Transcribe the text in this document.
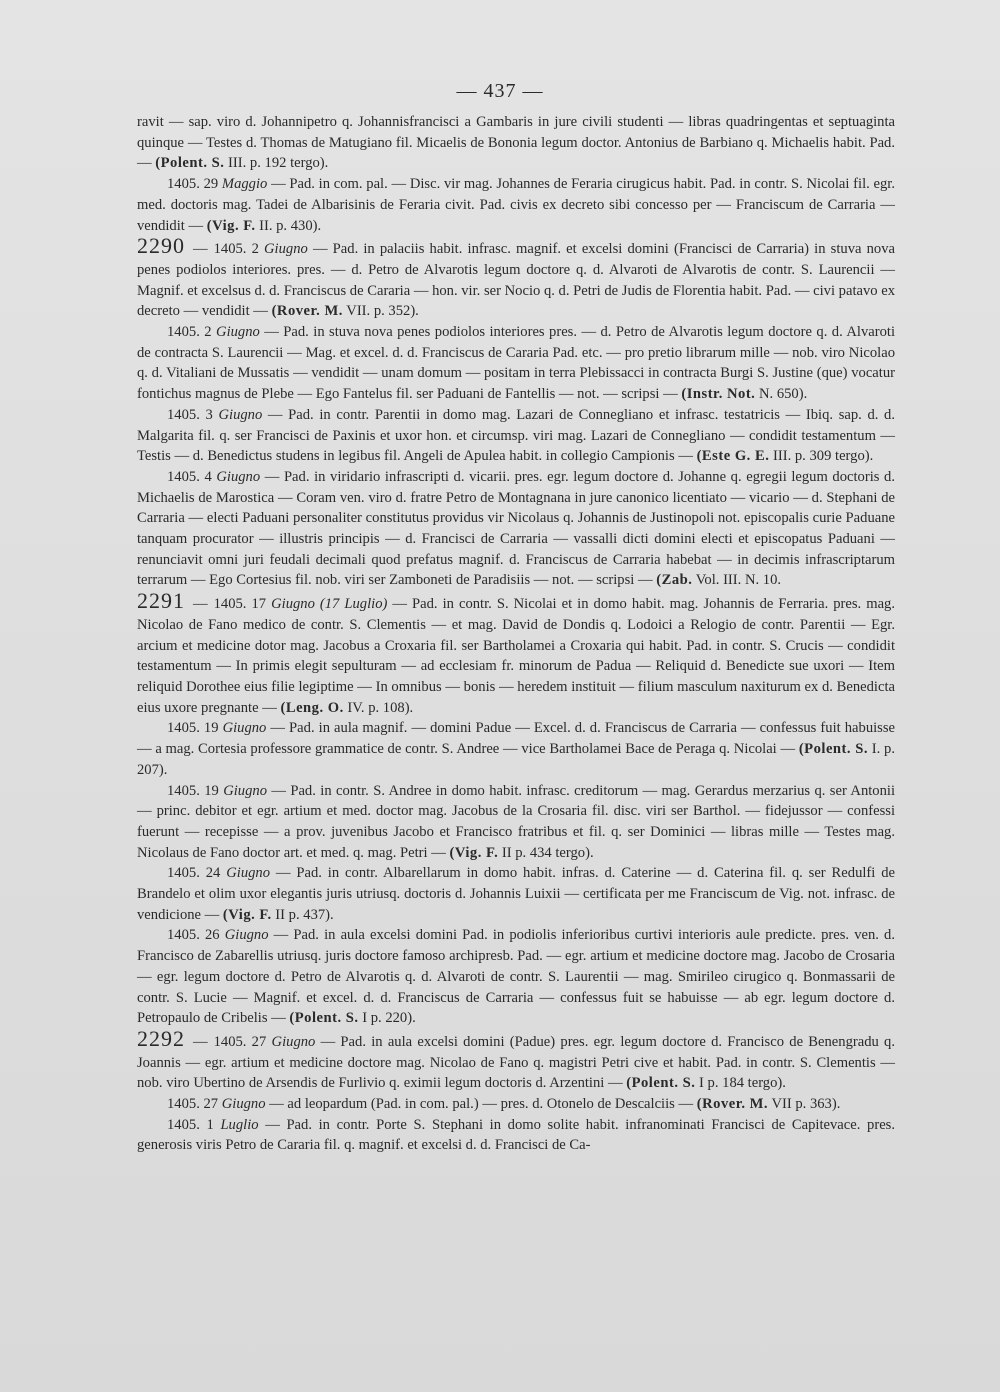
— 437 —

ravit — sap. viro d. Johannipetro q. Johannisfrancisci a Gambaris in jure civili studenti — libras quadringentas et septuaginta quinque — Testes d. Thomas de Matugiano fil. Micaelis de Bononia legum doctor. Antonius de Barbiano q. Michaelis habit. Pad. — (Polent. S. III. p. 192 tergo).

1405. 29 Maggio — Pad. in com. pal. — Disc. vir mag. Johannes de Feraria cirugicus habit. Pad. in contr. S. Nicolai fil. egr. med. doctoris mag. Tadei de Albarisinis de Feraria civit. Pad. civis ex decreto sibi concesso per — Franciscum de Carraria — vendidit — (Vig. F. II. p. 430).

2290 — 1405. 2 Giugno — Pad. in palaciis habit. infrasc. magnif. et excelsi domini (Francisci de Carraria) in stuva nova penes podiolos interiores. pres. — d. Petro de Alvarotis legum doctore q. d. Alvaroti de Alvarotis de contr. S. Laurencii — Magnif. et excelsus d. d. Franciscus de Cararia — hon. vir. ser Nocio q. d. Petri de Judis de Florentia habit. Pad. — civi patavo ex decreto — vendidit — (Rover. M. VII. p. 352).

1405. 2 Giugno — Pad. in stuva nova penes podiolos interiores pres. — d. Petro de Alvarotis legum doctore q. d. Alvaroti de contracta S. Laurencii — Mag. et excel. d. d. Franciscus de Cararia Pad. etc. — pro pretio librarum mille — nob. viro Nicolao q. d. Vitaliani de Mussatis — vendidit — unam domum — positam in terra Plebissacci in contracta Burgi S. Justine (que) vocatur fontichus magnus de Plebe — Ego Fantelus fil. ser Paduani de Fantellis — not. — scripsi — (Instr. Not. N. 650).

1405. 3 Giugno — Pad. in contr. Parentii in domo mag. Lazari de Connegliano et infrasc. testatricis — Ibiq. sap. d. d. Malgarita fil. q. ser Francisci de Paxinis et uxor hon. et circumsp. viri mag. Lazari de Connegliano — condidit testamentum — Testis — d. Benedictus studens in legibus fil. Angeli de Apulea habit. in collegio Campionis — (Este G. E. III. p. 309 tergo).

1405. 4 Giugno — Pad. in viridario infrascripti d. vicarii. pres. egr. legum doctore d. Johanne q. egregii legum doctoris d. Michaelis de Marostica — Coram ven. viro d. fratre Petro de Montagnana in jure canonico licentiato — vicario — d. Stephani de Carraria — electi Paduani personaliter constitutus providus vir Nicolaus q. Johannis de Justinopoli not. episcopalis curie Paduane tanquam procurator — illustris principis — d. Francisci de Carraria — vassalli dicti domini electi et episcopatus Paduani — renunciavit omni juri feudali decimali quod prefatus magnif. d. Franciscus de Carraria habebat — in decimis infrascriptarum terrarum — Ego Cortesius fil. nob. viri ser Zamboneti de Paradisiis — not. — scripsi — (Zab. Vol. III. N. 10.

2291 — 1405. 17 Giugno (17 Luglio) — Pad. in contr. S. Nicolai et in domo habit. mag. Johannis de Ferraria. pres. mag. Nicolao de Fano medico de contr. S. Clementis — et mag. David de Dondis q. Lodoici a Relogio de contr. Parentii — Egr. arcium et medicine dotor mag. Jacobus a Croxaria fil. ser Bartholamei a Croxaria qui habit. Pad. in contr. S. Crucis — condidit testamentum — In primis elegit sepulturam — ad ecclesiam fr. minorum de Padua — Reliquid d. Benedicte sue uxori — Item reliquid Dorothee eius filie legiptime — In omnibus — bonis — heredem instituit — filium masculum naxiturum ex d. Benedicta eius uxore pregnante — (Leng. O. IV. p. 108).

1405. 19 Giugno — Pad. in aula magnif. — domini Padue — Excel. d. d. Franciscus de Carraria — confessus fuit habuisse — a mag. Cortesia professore grammatice de contr. S. Andree — vice Bartholamei Bace de Peraga q. Nicolai — (Polent. S. I. p. 207).

1405. 19 Giugno — Pad. in contr. S. Andree in domo habit. infrasc. creditorum — mag. Gerardus merzarius q. ser Antonii — princ. debitor et egr. artium et med. doctor mag. Jacobus de la Crosaria fil. disc. viri ser Barthol. — fidejussor — confessi fuerunt — recepisse — a prov. juvenibus Jacobo et Francisco fratribus et fil. q. ser Dominici — libras mille — Testes mag. Nicolaus de Fano doctor art. et med. q. mag. Petri — (Vig. F. II p. 434 tergo).

1405. 24 Giugno — Pad. in contr. Albarellarum in domo habit. infras. d. Caterine — d. Caterina fil. q. ser Redulfi de Brandelo et olim uxor elegantis juris utriusq. doctoris d. Johannis Luixii — certificata per me Franciscum de Vig. not. infrasc. de vendicione — (Vig. F. II p. 437).

1405. 26 Giugno — Pad. in aula excelsi domini Pad. in podiolis inferioribus curtivi interioris aule predicte. pres. ven. d. Francisco de Zabarellis utriusq. juris doctore famoso archipresb. Pad. — egr. artium et medicine doctore mag. Jacobo de Crosaria — egr. legum doctore d. Petro de Alvarotis q. d. Alvaroti de contr. S. Laurentii — mag. Smirileo cirugico q. Bonmassarii de contr. S. Lucie — Magnif. et excel. d. d. Franciscus de Carraria — confessus fuit se habuisse — ab egr. legum doctore d. Petropaulo de Cribelis — (Polent. S. I p. 220).

2292 — 1405. 27 Giugno — Pad. in aula excelsi domini (Padue) pres. egr. legum doctore d. Francisco de Benengradu q. Joannis — egr. artium et medicine doctore mag. Nicolao de Fano q. magistri Petri cive et habit. Pad. in contr. S. Clementis — nob. viro Ubertino de Arsendis de Furlivio q. eximii legum doctoris d. Arzentini — (Polent. S. I p. 184 tergo).

1405. 27 Giugno — ad leopardum (Pad. in com. pal.) — pres. d. Otonelo de Descalciis — (Rover. M. VII p. 363).

1405. 1 Luglio — Pad. in contr. Porte S. Stephani in domo solite habit. infranominati Francisci de Capitevace. pres. generosis viris Petro de Cararia fil. q. magnif. et excelsi d. d. Francisci de Ca-
